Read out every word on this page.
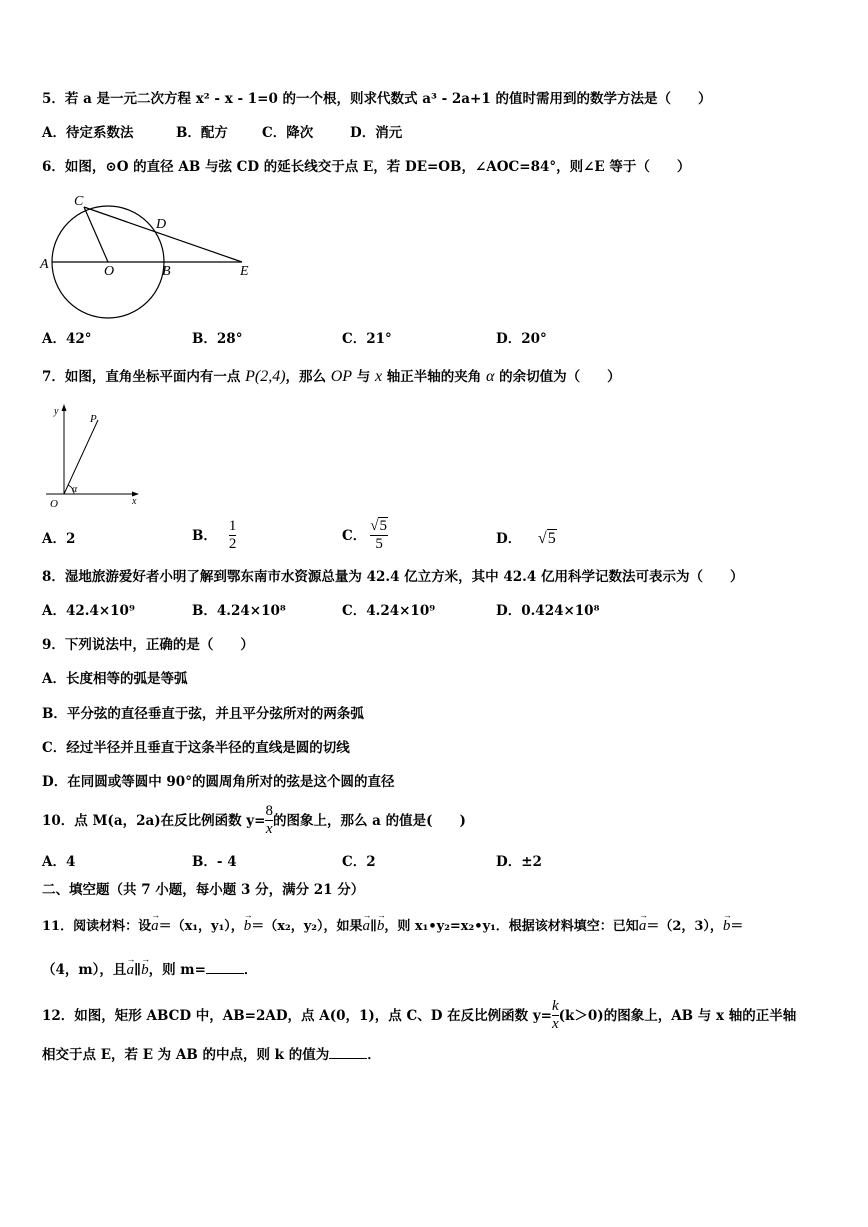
5．若 a 是一元二次方程 x² - x - 1=0 的一个根，则求代数式 a³ - 2a+1 的值时需用到的数学方法是（　　）
A．待定系数法	B．配方	C．降次	D．消元
6．如图，⊙O 的直径 AB 与弦 CD 的延长线交于点 E，若 DE=OB，∠AOC=84°，则∠E 等于（　　）
A	O	B
C
D
E
A．42°	B．28°	C．21°	D．20°
7．如图，直角坐标平面内有一点 P(2,4)，那么 OP 与 x 轴正半轴的夹角 α 的余切值为（　　）
y
P
O	x
α
A．2	B． $\frac{1}{2}$	C． $\frac{√5}{5}$	D． √5
8．湿地旅游爱好者小明了解到鄂东南市水资源总量为 42.4 亿立方米，其中 42.4 亿用科学记数法可表示为（　　）
A．42.4×10⁹	B．4.24×10⁸	C．4.24×10⁹	D．0.424×10⁸
9．下列说法中，正确的是（　　）
A．长度相等的弧是等弧
B．平分弦的直径垂直于弦，并且平分弦所对的两条弧
C．经过半径并且垂直于这条半径的直线是圆的切线
D．在同圆或等圆中 90°的圆周角所对的弦是这个圆的直径
10．点 M(a，2a)在反比例函数 $y= \frac{8}{x}$ 的图象上，那么 a 的值是(　　)
A．4	B．- 4	C．2	D．±2
二、填空题（共 7 小题，每小题 3 分，满分 21 分）
11．阅读材料：设→ a＝（x₁，y₁），→ b＝（x₂，y₂），如果→ a∥→ b，则 x₁•y₂=x₂•y₁．根据该材料填空：已知→ a＝（2，3），→ b＝
（4，m），且→ a∥→ b，则 m=	．
12．如图，矩形 ABCD 中，AB=2AD，点 A(0，1)，点 C、D 在反比例函数 $y= \frac{k}{x} (k>0)$的图象上，AB 与 x 轴的正半轴
相交于点 E，若 E 为 AB 的中点，则 k 的值为	．
